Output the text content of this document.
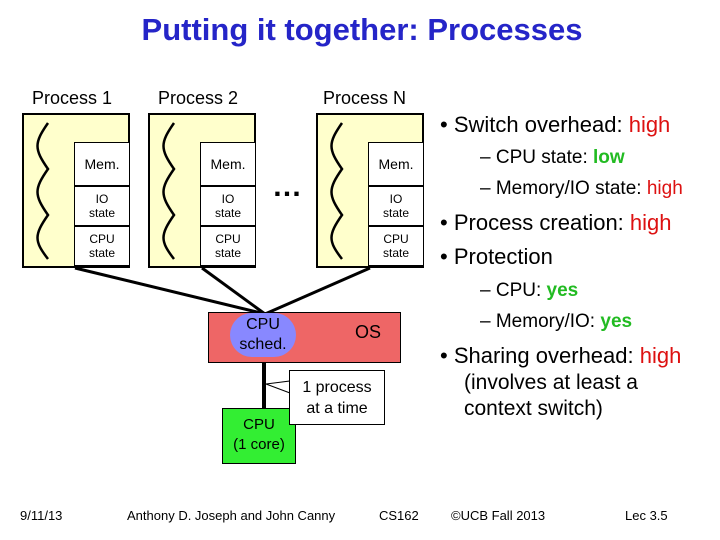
Putting it together: Processes
Process 1	Process 2	Process N
Mem.
IO
state
CPU
state
Mem.
IO
state
CPU
state
…
Mem.
IO
state
CPU
state
CPU
sched.
OS
CPU
(1 core)
1 process
at a time
• Switch overhead: high
– CPU state: low
– Memory/IO state: high
• Process creation: high
• Protection
– CPU: yes
– Memory/IO: yes
• Sharing overhead: high
(involves at least a
context switch)
9/11/13	Anthony D. Joseph and John Canny	CS162 ©UCB Fall 2013	Lec 3.5
